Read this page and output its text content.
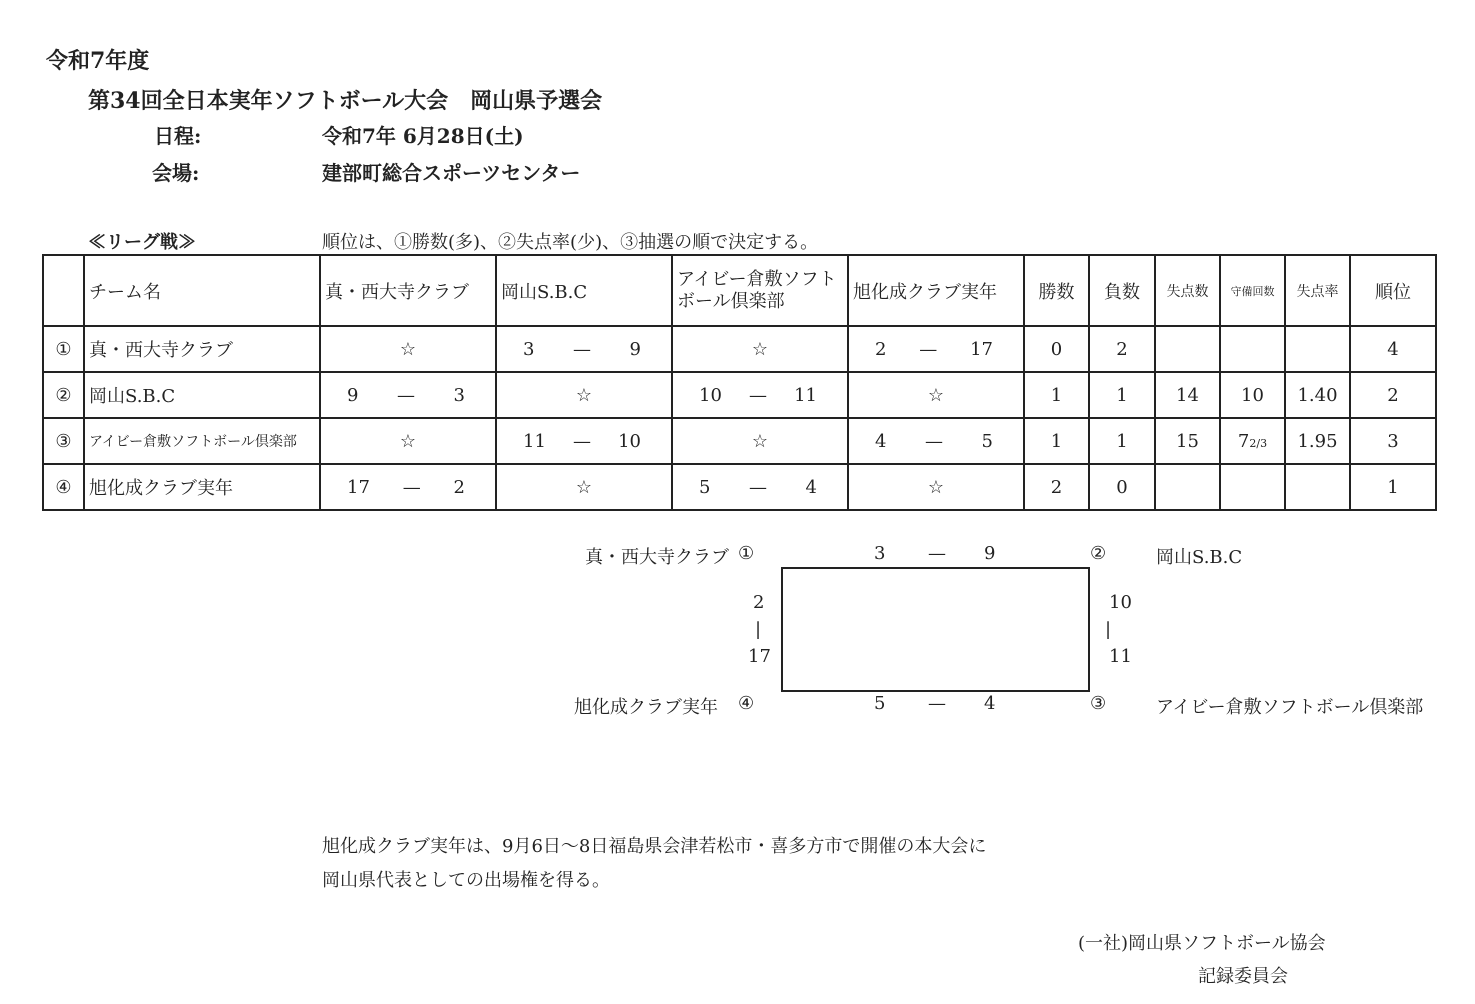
令和7年度
第34回全日本実年ソフトボール大会　岡山県予選会
日程:	令和7年 6月28日(土)
会場:	建部町総合スポーツセンター
≪リーグ戦≫	順位は、①勝数(多)、②失点率(少)、③抽選の順で決定する。
	チーム名	真・西大寺クラブ	岡山S.B.C	アイビー倉敷ソフト
ボール倶楽部	旭化成クラブ実年	勝数	負数	失点数	守備回数	失点率	順位
①	真・西大寺クラブ	☆	3 — 9	☆	2 — 17	0	2				4
②	岡山S.B.C	9 — 3	☆	10 — 11	☆	1	1	14	10	1.40	2
③	アイビー倉敷ソフトボール倶楽部	☆	11 — 10	☆	4 — 5	1	1	15	72/3	1.95	3
④	旭化成クラブ実年	17 — 2	☆	5 — 4	☆	2	0				1
真・西大寺クラブ ①	②	岡山S.B.C
旭化成クラブ実年 ④	③	アイビー倉敷ソフトボール倶楽部
3 — 9
5 — 4
2
|
17
10
|
11
旭化成クラブ実年は、9月6日～8日福島県会津若松市・喜多方市で開催の本大会に
岡山県代表としての出場権を得る。
(一社)岡山県ソフトボール協会
記録委員会
